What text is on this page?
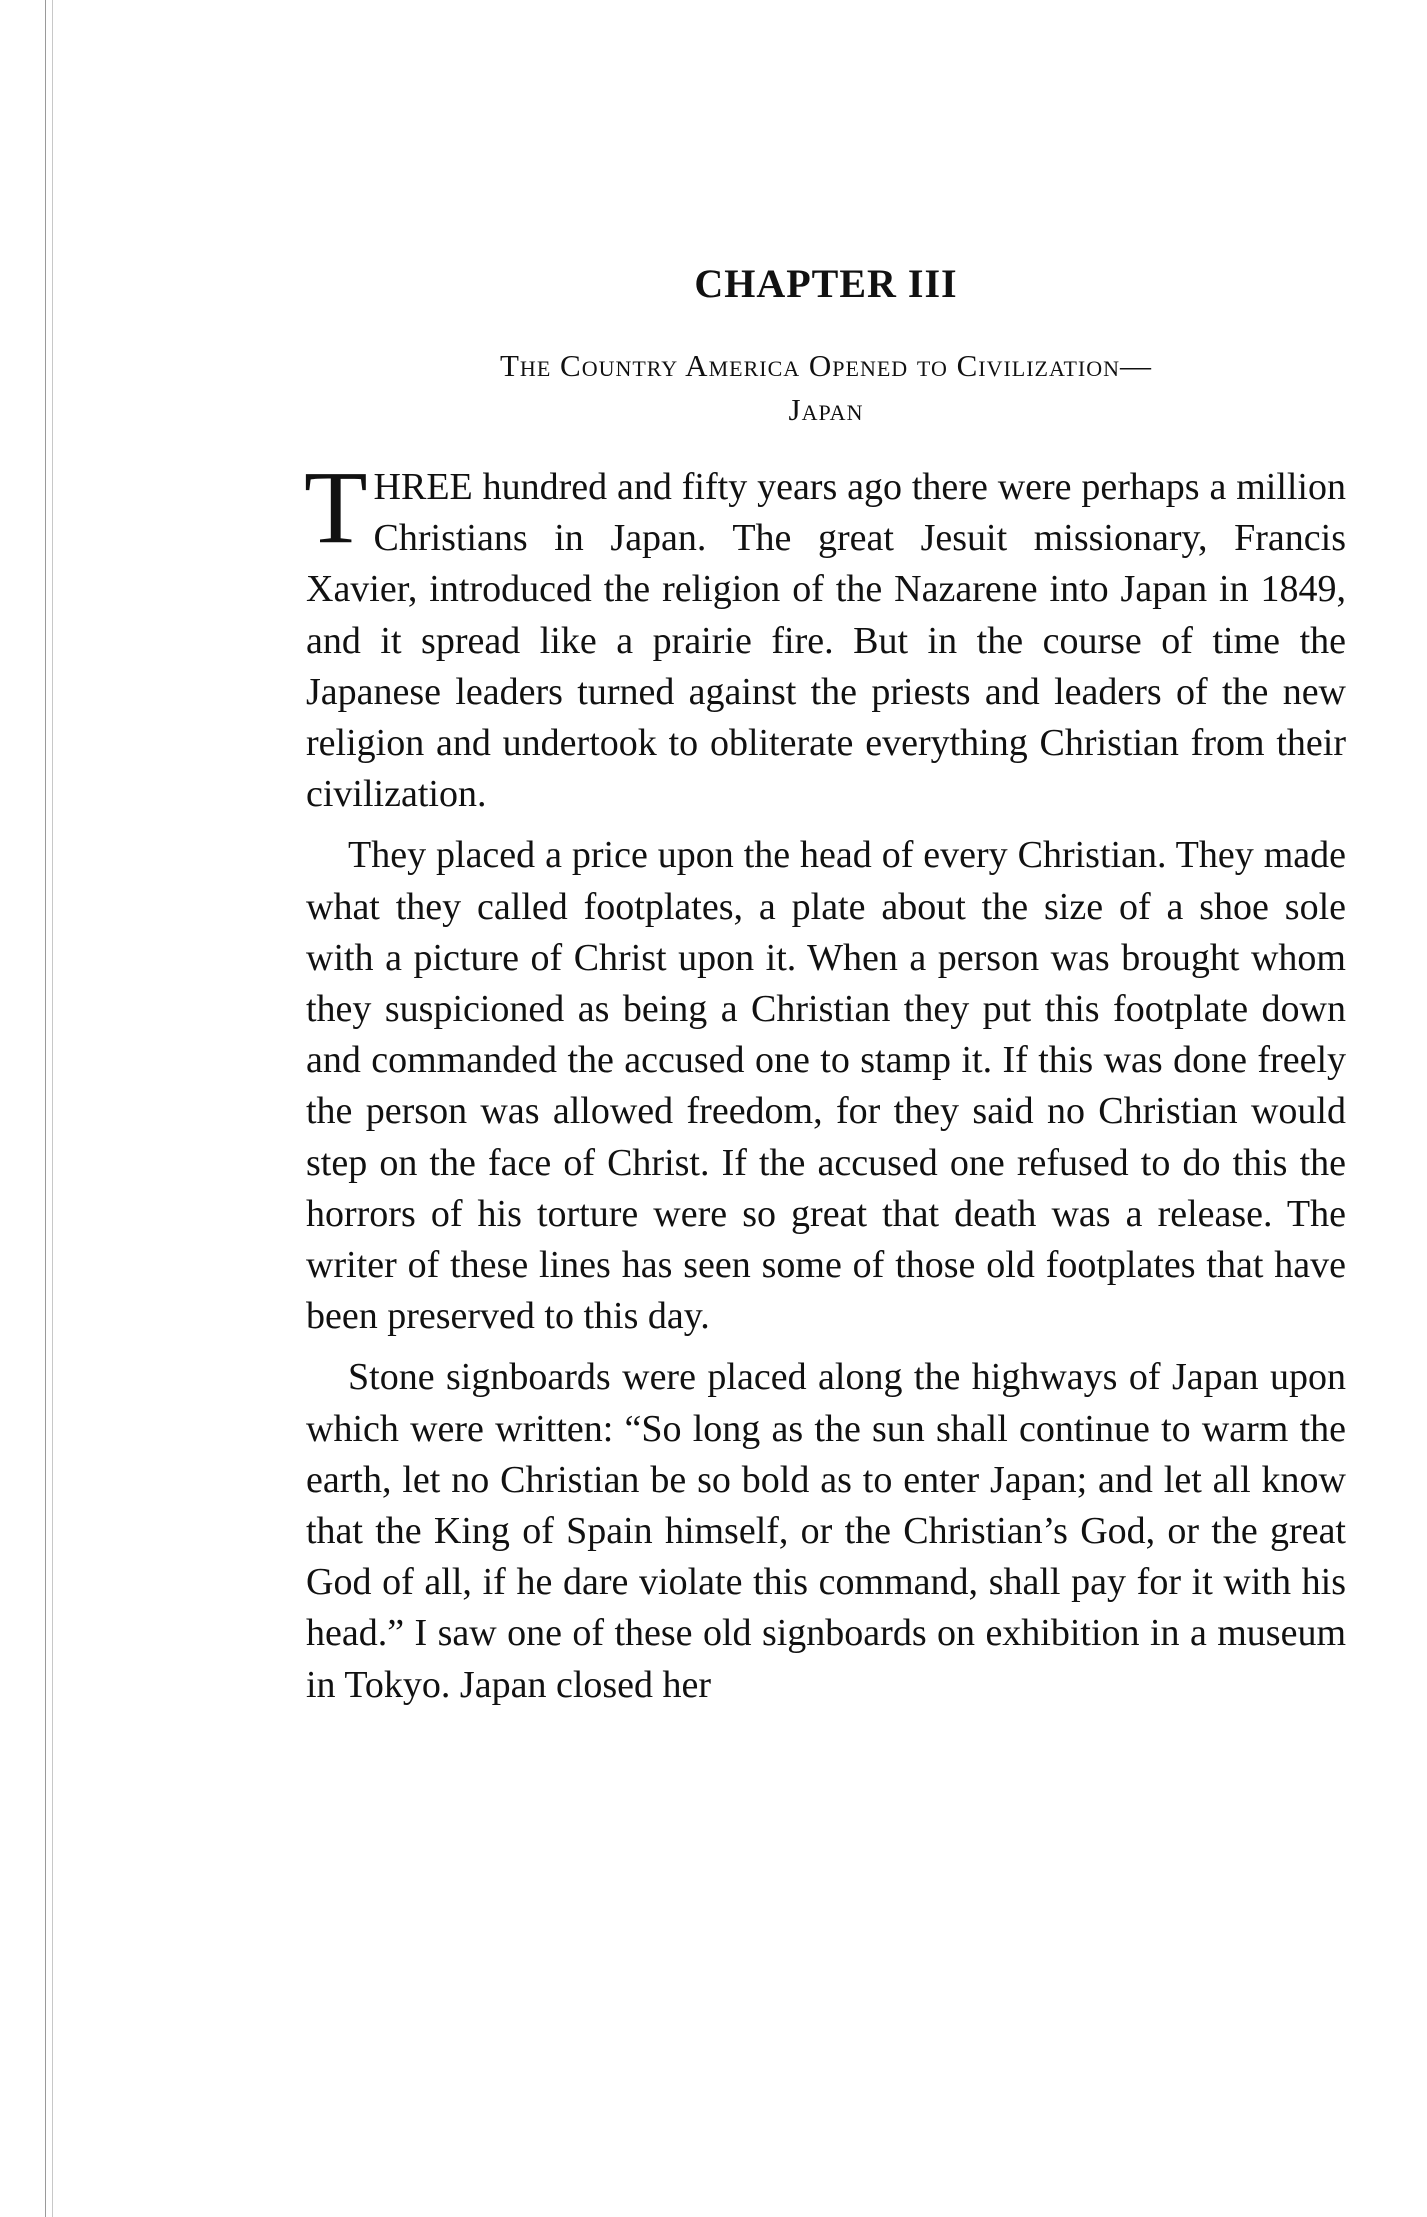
CHAPTER III
The Country America Opened to Civilization—
Japan

THREE hundred and fifty years ago there were perhaps a million Christians in Japan. The great Jesuit missionary, Francis Xavier, introduced the religion of the Nazarene into Japan in 1849, and it spread like a prairie fire. But in the course of time the Japanese leaders turned against the priests and leaders of the new religion and undertook to obliterate everything Christian from their civilization.

They placed a price upon the head of every Christian. They made what they called footplates, a plate about the size of a shoe sole with a picture of Christ upon it. When a person was brought whom they suspicioned as being a Christian they put this footplate down and commanded the accused one to stamp it. If this was done freely the person was allowed freedom, for they said no Christian would step on the face of Christ. If the accused one refused to do this the horrors of his torture were so great that death was a release. The writer of these lines has seen some of those old footplates that have been preserved to this day.

Stone signboards were placed along the highways of Japan upon which were written: “So long as the sun shall continue to warm the earth, let no Christian be so bold as to enter Japan; and let all know that the King of Spain himself, or the Christian’s God, or the great God of all, if he dare violate this command, shall pay for it with his head.” I saw one of these old signboards on exhibition in a museum in Tokyo. Japan closed her
